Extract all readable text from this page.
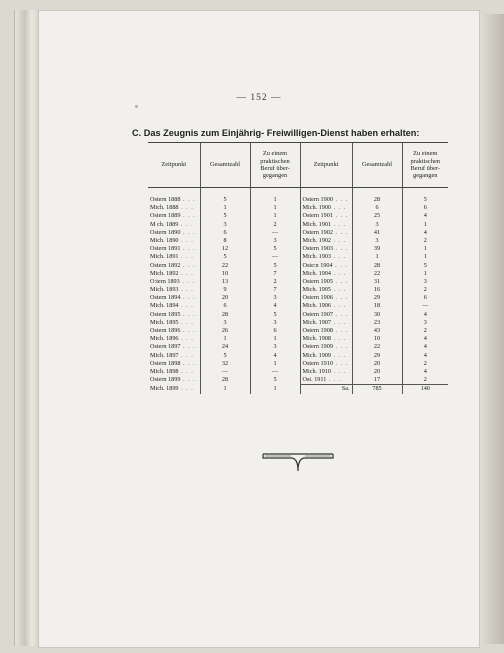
— 152 —
C. Das Zeugnis zum Einjährig- Freiwilligen-Dienst haben erhalten:
Zeitpunkt	Gesamtzahl	Zu einem
praktischen
Beruf über-
gegangen	Zeitpunkt	Gesamtzahl	Zu einem
praktischen
Beruf über-
gegangen
Ostern 1888 . . .	5	1	Ostern 1900 . . .	28	5
Mich. 1888 . . .	1	1	Mich. 1900 . . .	6	6
Ostern 1889 . . .	5	1	Ostern 1901 . . .	25	4
M ch. 1889 . . .	3	2	Mich. 1901 . . .	3	1
Ostern 1890 . . .	6	—	Ostern 1902 . . .	41	4
Mich. 1890 . . .	8	3	Mich. 1902 . . .	3	2
Ostern 1891 . . .	12	5	Ostern 1903 . . .	39	1
Mich. 1891 . . .	5	—	Mich. 1903 . . .	1	1
Ostern 1892 . . .	22	5	Oste:n 1904 . . .	28	5
Mich. 1892 . . .	10	7	Mich. 1904 . . .	22	1
O:tern 1893 . . .	13	2	Ostern 1905 . . .	31	3
Mich. 1893 . . .	9	7	Mich. 1905 . . .	16	2
Ostern 1894 . . .	20	3	Ostern 1906 . . .	29	6
Mich. 1894 . . .	6	4	Mich. 1906 . . .	18	—
Ostern 1895 . . .	28	5	Ostern 1907 . . .	30	4
Mich. 1895 . . .	3	3	Mich. 1907 . . .	23	3
Ostern 1896 . . .	26	6	Ostern 1908 . . .	43	2
Mich. 1896 . . .	1	1	Mich. 1908 . . .	10	4
Ostern 1897 . . .	24	3	Ostern 1909 . . .	22	4
Mich. 1897 . . .	5	4	Mich. 1909 . . .	29	4
Ostern 1898 . . .	32	1	Ostern 1910 . . .	20	2
Mich. 1898 . . .	—	—	Mich. 1910 . . .	20	4
Ostern 1899 . . .	28	5	Ost. 1911 . . .	17	2
Mich. 1899 . . .	1	1	Sa.	785	140
